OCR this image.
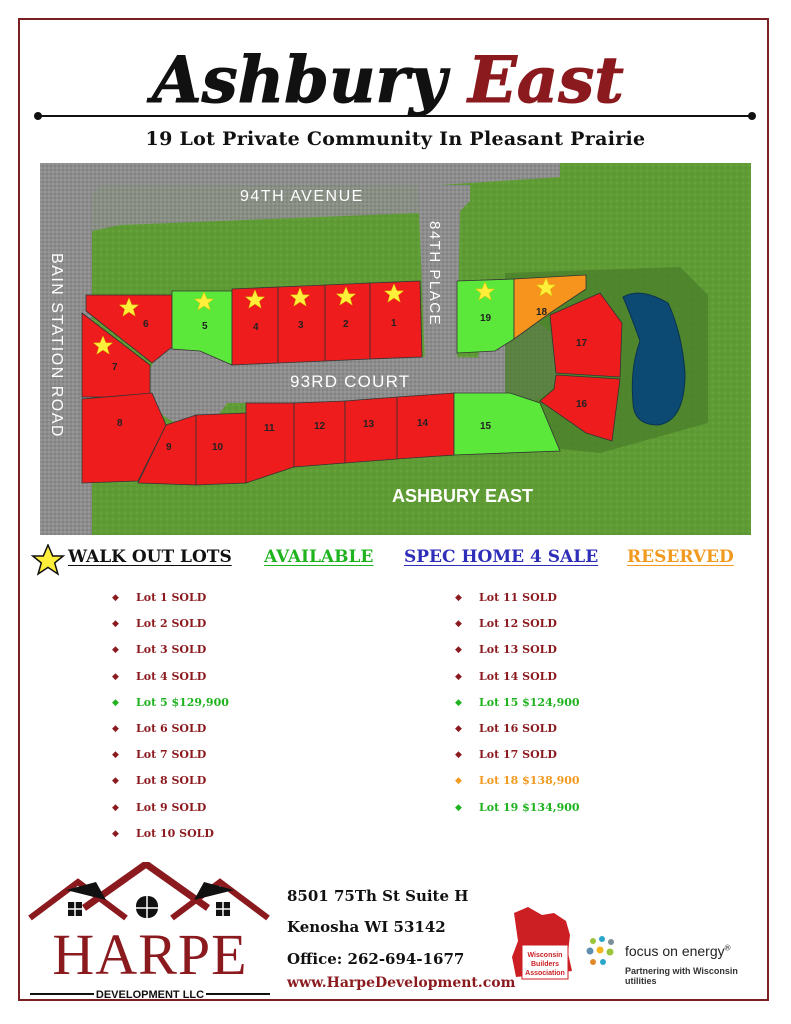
Ashbury East
19 Lot Private Community In Pleasant Prairie
94TH AVENUE
84TH PLACE
BAIN STATION ROAD	93RD COURT
ASHBURY EAST
1
2
3
4
5
6
7
8
9	10
11	12	13	14	15
16
17
18
19
WALK OUT LOTS AVAILABLE SPEC HOME 4 SALE RESERVED
◆ Lot 1 SOLD
◆ Lot 2 SOLD
◆ Lot 3 SOLD
◆ Lot 4 SOLD
◆ Lot 5 $129,900
◆ Lot 6 SOLD
◆ Lot 7 SOLD
◆ Lot 8 SOLD
◆ Lot 9 SOLD
◆ Lot 10 SOLD
◆ Lot 11 SOLD
◆ Lot 12 SOLD
◆ Lot 13 SOLD
◆ Lot 14 SOLD
◆ Lot 15 $124,900
◆ Lot 16 SOLD
◆ Lot 17 SOLD
◆ Lot 18 $138,900
◆ Lot 19 $134,900
HARPE
DEVELOPMENT LLC
8501 75Th St Suite H
Kenosha WI 53142
Office: 262-694-1677
www.HarpeDevelopment.com
Wisconsin
Builders
Association
focus on energy®
Partnering with Wisconsin utilities
